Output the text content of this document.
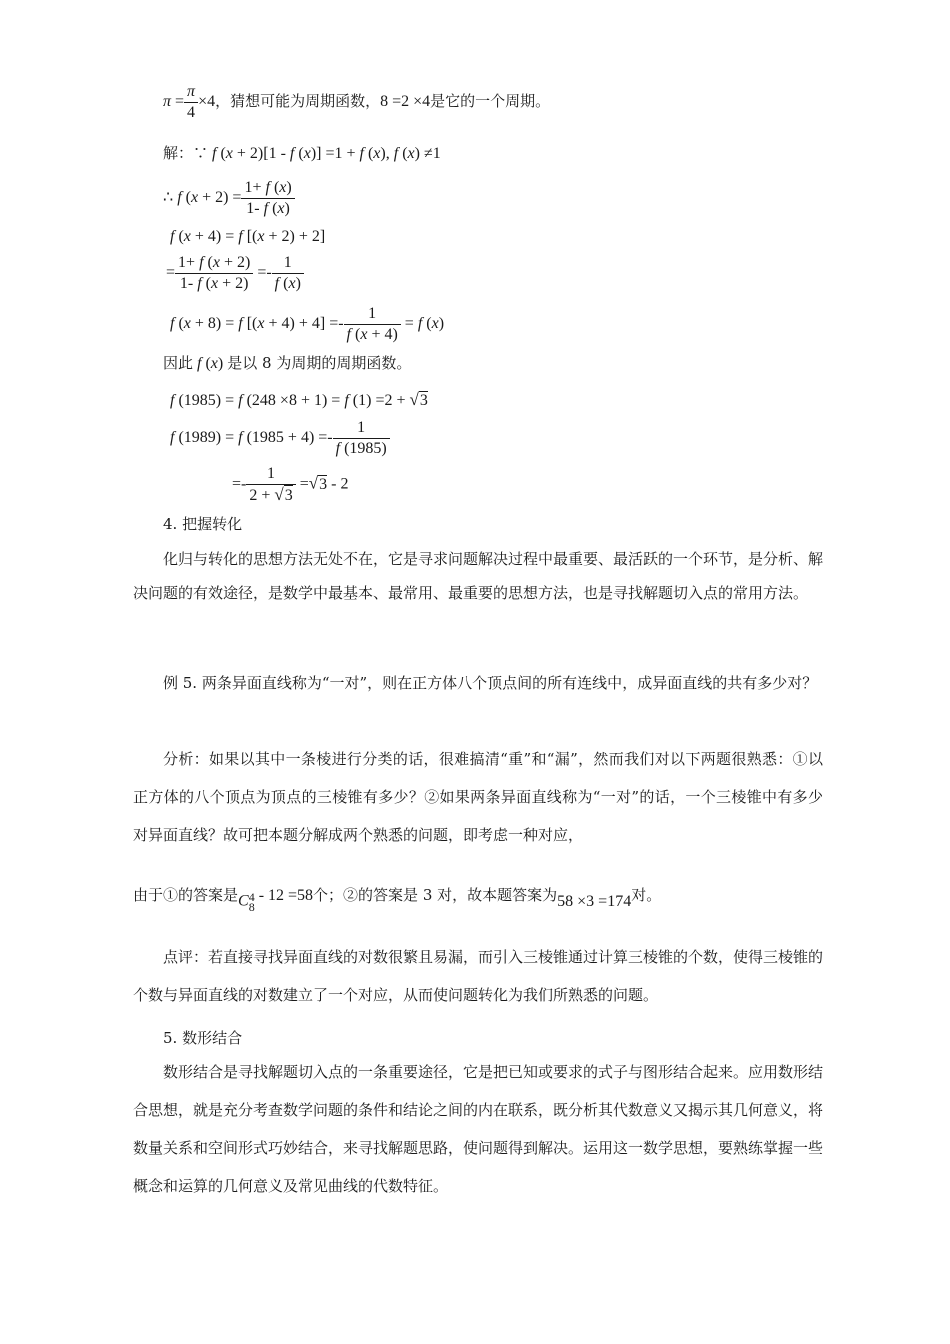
$\pi = \frac{\pi}{4} \times 4$，猜想可能为周期函数，8 =2 ×4是它的一个周期。
解：∵ f (x + 2)[1 - f (x)] =1 + f (x), f (x) ≠1
∴ f $(x + 2) = \frac{1+ f (x)}{1- f (x)}$
f (x + 4) = f [(x + 2) + 2]
= $\frac{1+ f (x + 2)}{1- f (x + 2)} =- \frac{1}{f (x)}$
f (x + 8) = f $[(x + 4) + 4] =- \frac{1}{f (x + 4)} = f$ (x)
因此 f (x) 是以 8 为周期的周期函数。
f (1985) = f (248 ×8 + 1) = f (1) =2 + √3
f (1989) = f $(1985 + 4) =- \frac{1}{f (1985)}$
=- $\frac{1}{2 + √3} =√3 - 2$
4. 把握转化
化归与转化的思想方法无处不在，它是寻求问题解决过程中最重要、最活跃的一个环节，是分析、解决问题的有效途径，是数学中最基本、最常用、最重要的思想方法，也是寻找解题切入点的常用方法。
例 5. 两条异面直线称为“一对”，则在正方体八个顶点间的所有连线中，成异面直线的共有多少对？
分析：如果以其中一条棱进行分类的话，很难搞清“重”和“漏”，然而我们对以下两题很熟悉：①以正方体的八个顶点为顶点的三棱锥有多少？②如果两条异面直线称为“一对”的话，一个三棱锥中有多少对异面直线？故可把本题分解成两个熟悉的问题，即考虑一种对应，
由于①的答案是C 4
8
- 12 =58个；②的答案是 3 对，故本题答案为58 ×3 =174对。
点评：若直接寻找异面直线的对数很繁且易漏，而引入三棱锥通过计算三棱锥的个数，使得三棱锥的个数与异面直线的对数建立了一个对应，从而使问题转化为我们所熟悉的问题。
5. 数形结合
数形结合是寻找解题切入点的一条重要途径，它是把已知或要求的式子与图形结合起来。应用数形结合思想，就是充分考查数学问题的条件和结论之间的内在联系，既分析其代数意义又揭示其几何意义，将数量关系和空间形式巧妙结合，来寻找解题思路，使问题得到解决。运用这一数学思想，要熟练掌握一些概念和运算的几何意义及常见曲线的代数特征。
